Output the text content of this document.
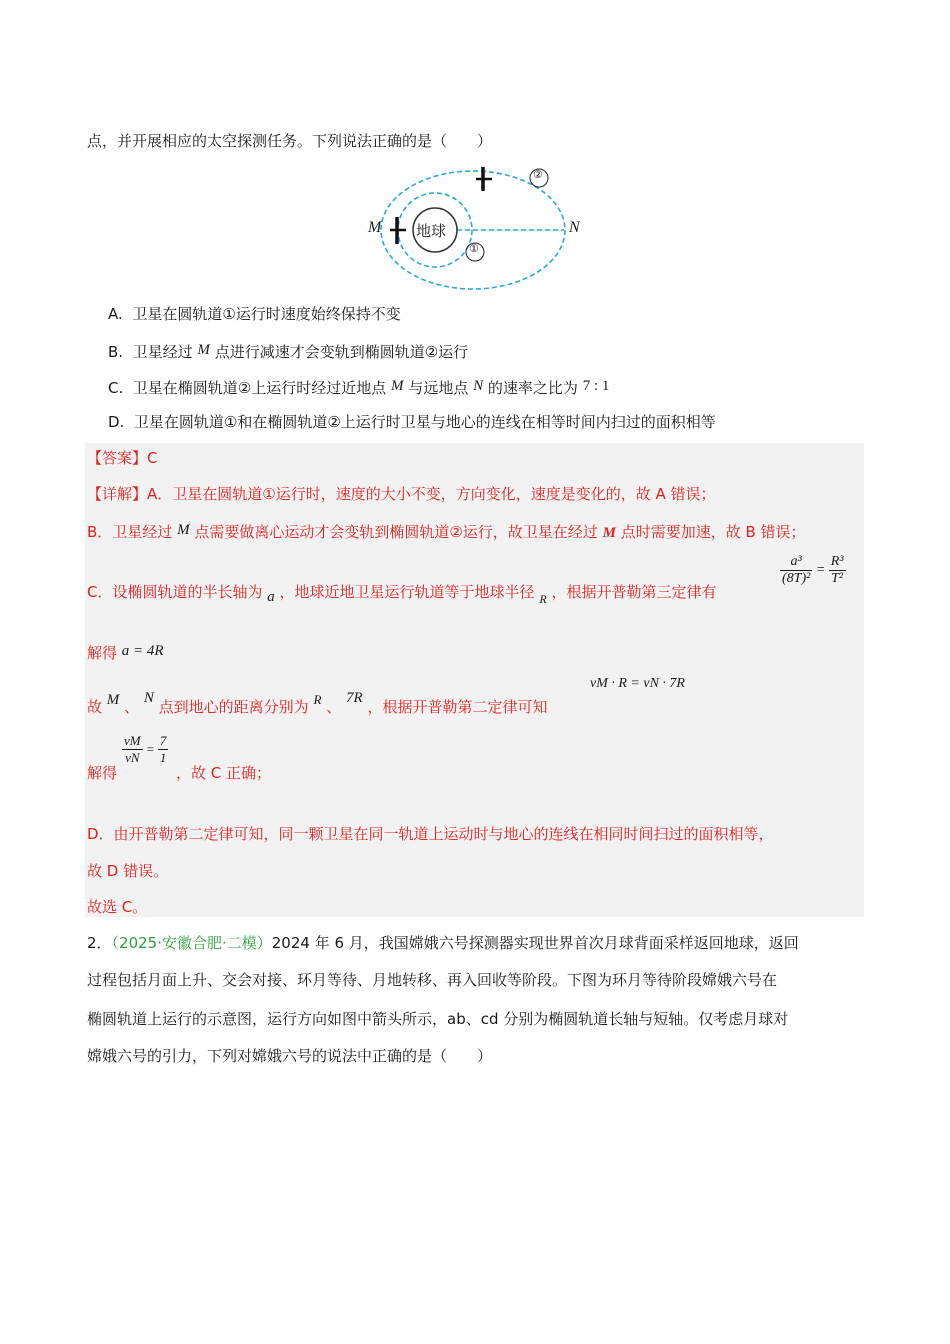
点，并开展相应的太空探测任务。下列说法正确的是（　　）
M	N
地球
①
②
A. 卫星在圆轨道①运行时速度始终保持不变
B. 卫星经过 M 点进行减速才会变轨到椭圆轨道②运行
C. 卫星在椭圆轨道②上运行时经过近地点 M 与远地点 N 的速率之比为 7 : 1
D. 卫星在圆轨道①和在椭圆轨道②上运行时卫星与地心的连线在相等时间内扫过的面积相等
【答案】C
【详解】A．卫星在圆轨道①运行时，速度的大小不变，方向变化，速度是变化的，故 A 错误；
B．卫星经过 M 点需要做离心运动才会变轨到椭圆轨道②运行，故卫星在经过 M 点时需要加速，故 B 错误；
C．设椭圆轨道的半长轴为 a ，地球近地卫星运行轨道等于地球半径 $_R$ ，根据开普勒第三定律有
$\frac{\text{a³}}{\text{(8T)²}} = \frac{\text{R³}}{\text{T²}}$
解得 a = 4R
故 M 、 N 点到地心的距离分别为 R 、 7R ，根据开普勒第二定律可知
vM · R = vN · 7R
$\frac{vM}{vN} = \frac{7}{1}$
解得	，故 C 正确；
D．由开普勒第二定律可知，同一颗卫星在同一轨道上运动时与地心的连线在相同时间扫过的面积相等，
故 D 错误。
故选 C。
2．（2025·安徽合肥·二模）2024 年 6 月，我国嫦娥六号探测器实现世界首次月球背面采样返回地球，返回
过程包括月面上升、交会对接、环月等待、月地转移、再入回收等阶段。下图为环月等待阶段嫦娥六号在
椭圆轨道上运行的示意图，运行方向如图中箭头所示，ab、cd 分别为椭圆轨道长轴与短轴。仅考虑月球对
嫦娥六号的引力，下列对嫦娥六号的说法中正确的是（　　）
